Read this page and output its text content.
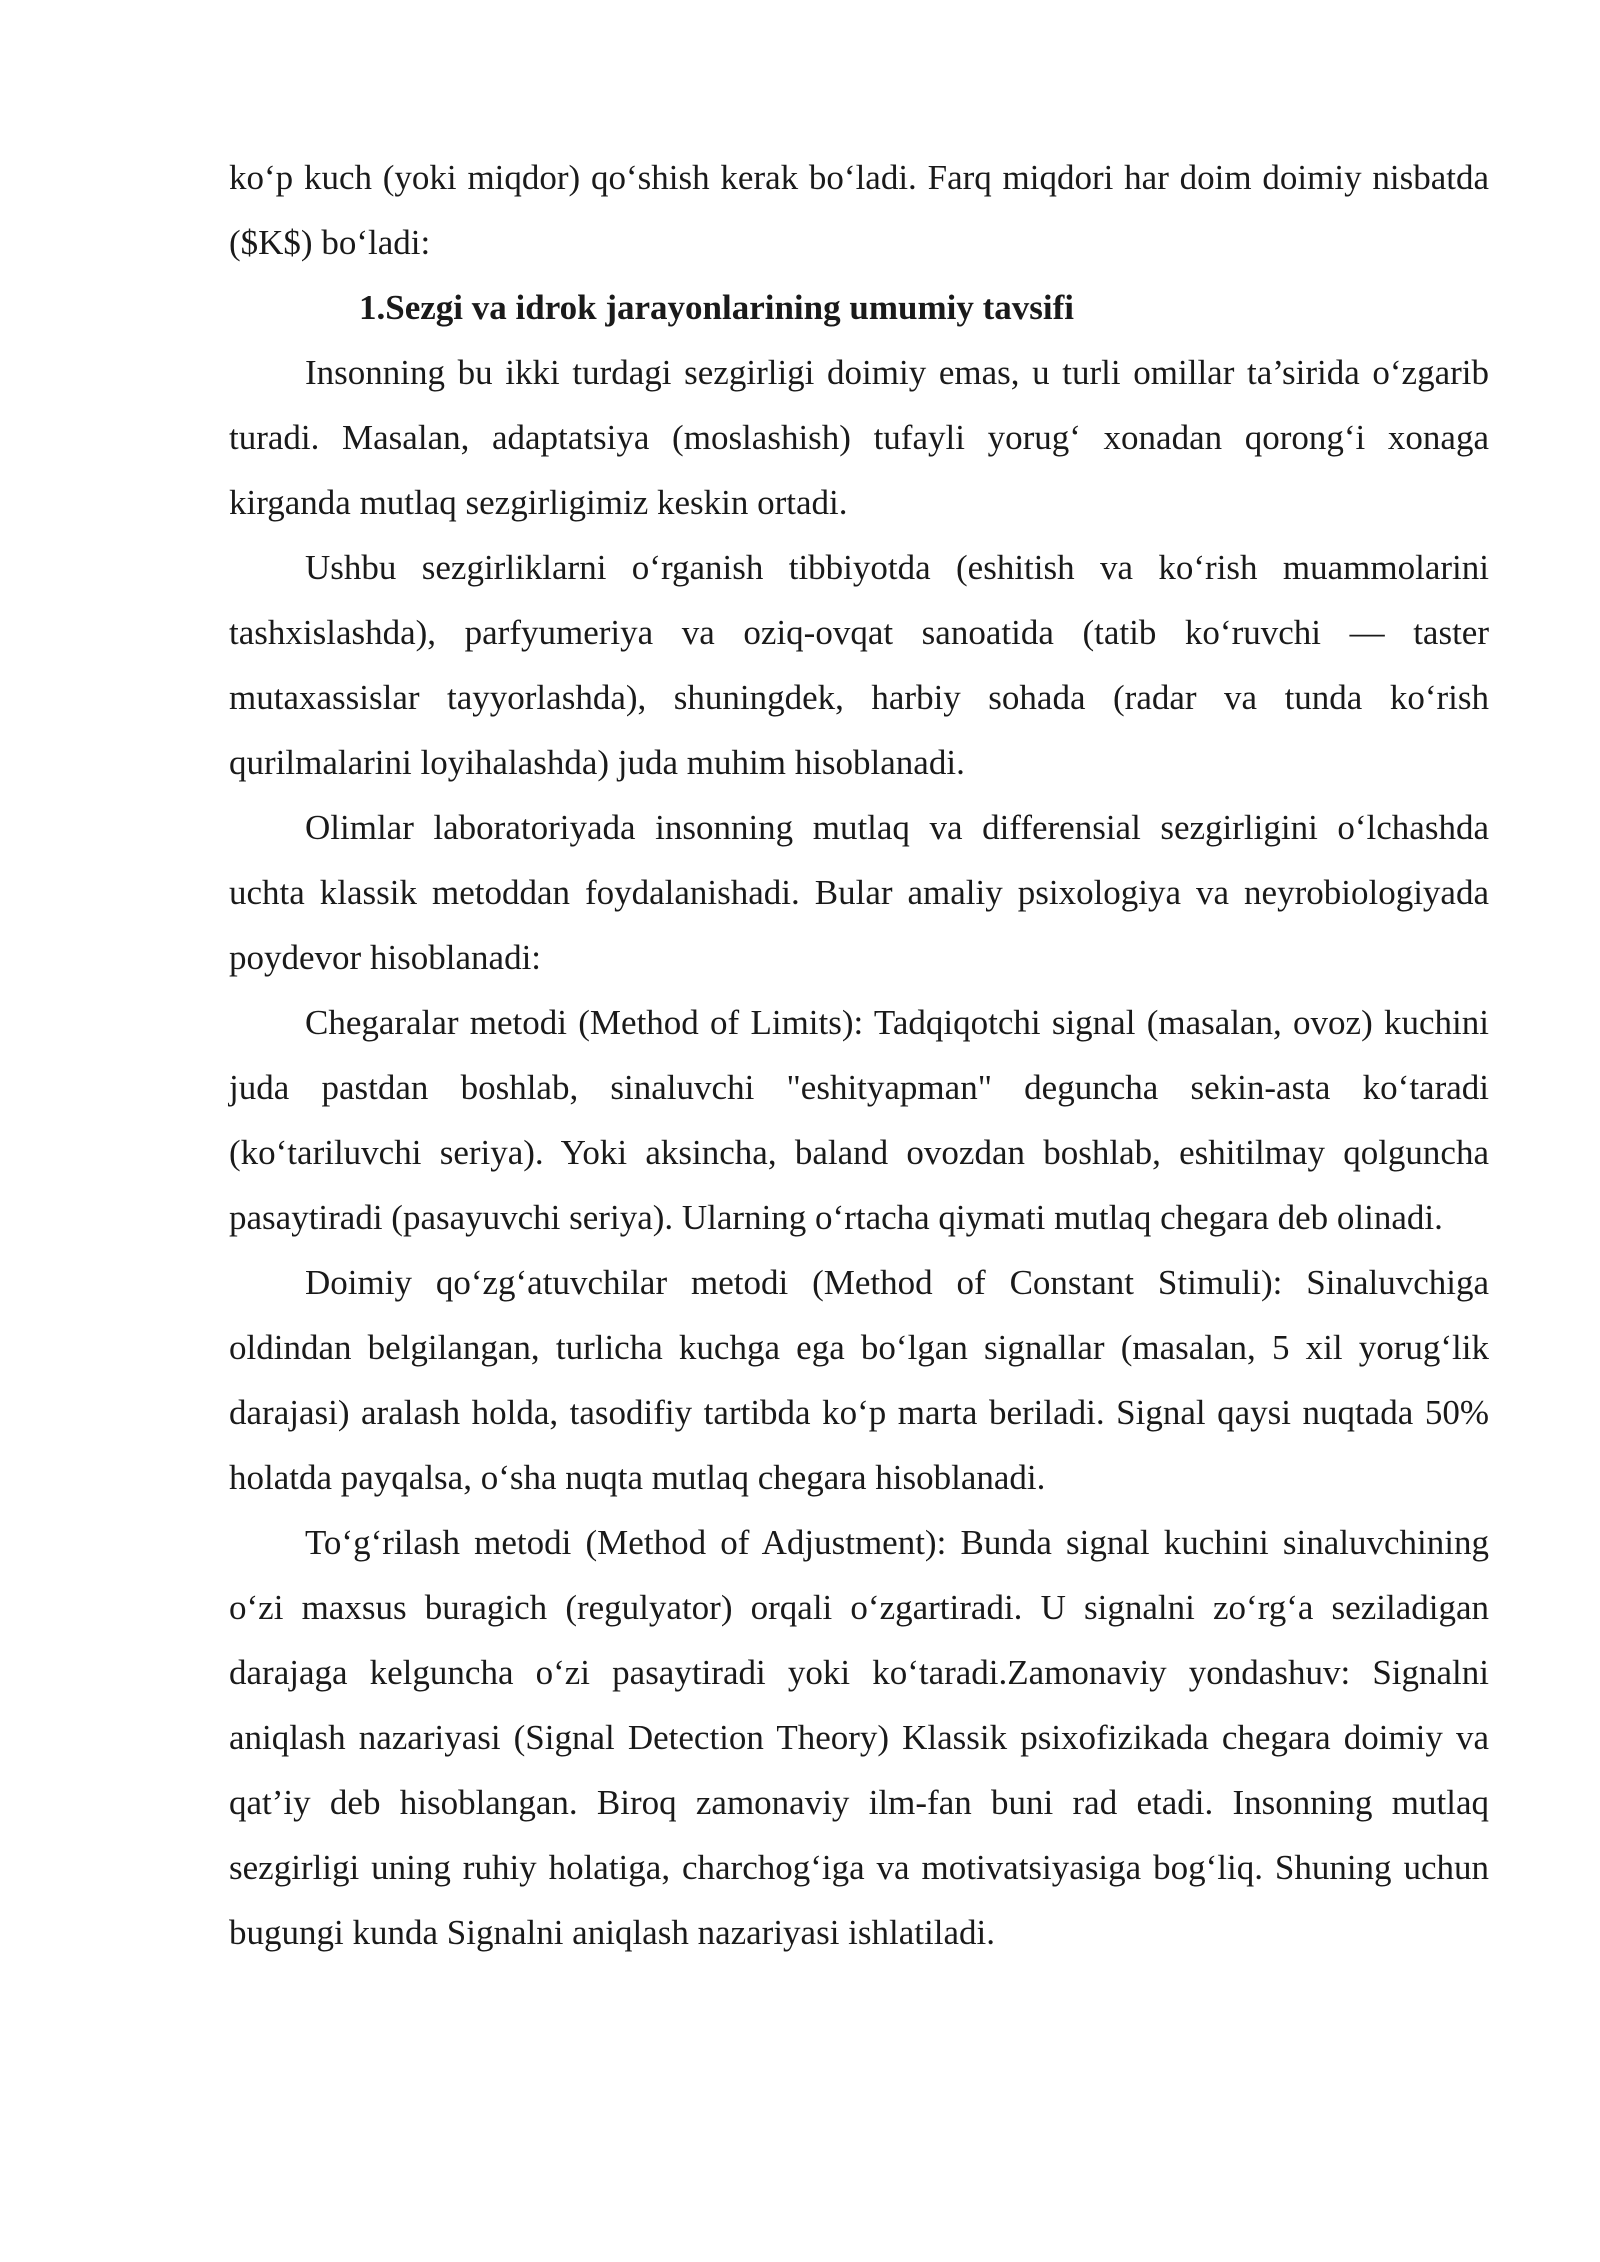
ko‘p kuch (yoki miqdor) qo‘shish kerak bo‘ladi. Farq miqdori har doim doimiy nisbatda ($K$) bo‘ladi:

1.Sezgi va idrok jarayonlarining umumiy tavsifi

Insonning bu ikki turdagi sezgirligi doimiy emas, u turli omillar ta’sirida o‘zgarib turadi. Masalan, adaptatsiya (moslashish) tufayli yorug‘ xonadan qorong‘i xonaga kirganda mutlaq sezgirligimiz keskin ortadi.

Ushbu sezgirliklarni o‘rganish tibbiyotda (eshitish va ko‘rish muammolarini tashxislashda), parfyumeriya va oziq-ovqat sanoatida (tatib ko‘ruvchi — taster mutaxassislar tayyorlashda), shuningdek, harbiy sohada (radar va tunda ko‘rish qurilmalarini loyihalashda) juda muhim hisoblanadi.

Olimlar laboratoriyada insonning mutlaq va differensial sezgirligini o‘lchashda uchta klassik metoddan foydalanishadi. Bular amaliy psixologiya va neyrobiologiyada poydevor hisoblanadi:

Chegaralar metodi (Method of Limits): Tadqiqotchi signal (masalan, ovoz) kuchini juda pastdan boshlab, sinaluvchi "eshityapman" deguncha sekin-asta ko‘taradi (ko‘tariluvchi seriya). Yoki aksincha, baland ovozdan boshlab, eshitilmay qolguncha pasaytiradi (pasayuvchi seriya). Ularning o‘rtacha qiymati mutlaq chegara deb olinadi.

Doimiy qo‘zg‘atuvchilar metodi (Method of Constant Stimuli): Sinaluvchiga oldindan belgilangan, turlicha kuchga ega bo‘lgan signallar (masalan, 5 xil yorug‘lik darajasi) aralash holda, tasodifiy tartibda ko‘p marta beriladi. Signal qaysi nuqtada 50% holatda payqalsa, o‘sha nuqta mutlaq chegara hisoblanadi.

To‘g‘rilash metodi (Method of Adjustment): Bunda signal kuchini sinaluvchining o‘zi maxsus buragich (regulyator) orqali o‘zgartiradi. U signalni zo‘rg‘a seziladigan darajaga kelguncha o‘zi pasaytiradi yoki ko‘taradi.Zamonaviy yondashuv: Signalni aniqlash nazariyasi (Signal Detection Theory) Klassik psixofizikada chegara doimiy va qat’iy deb hisoblangan. Biroq zamonaviy ilm-fan buni rad etadi. Insonning mutlaq sezgirligi uning ruhiy holatiga, charchog‘iga va motivatsiyasiga bog‘liq. Shuning uchun bugungi kunda Signalni aniqlash nazariyasi ishlatiladi.
